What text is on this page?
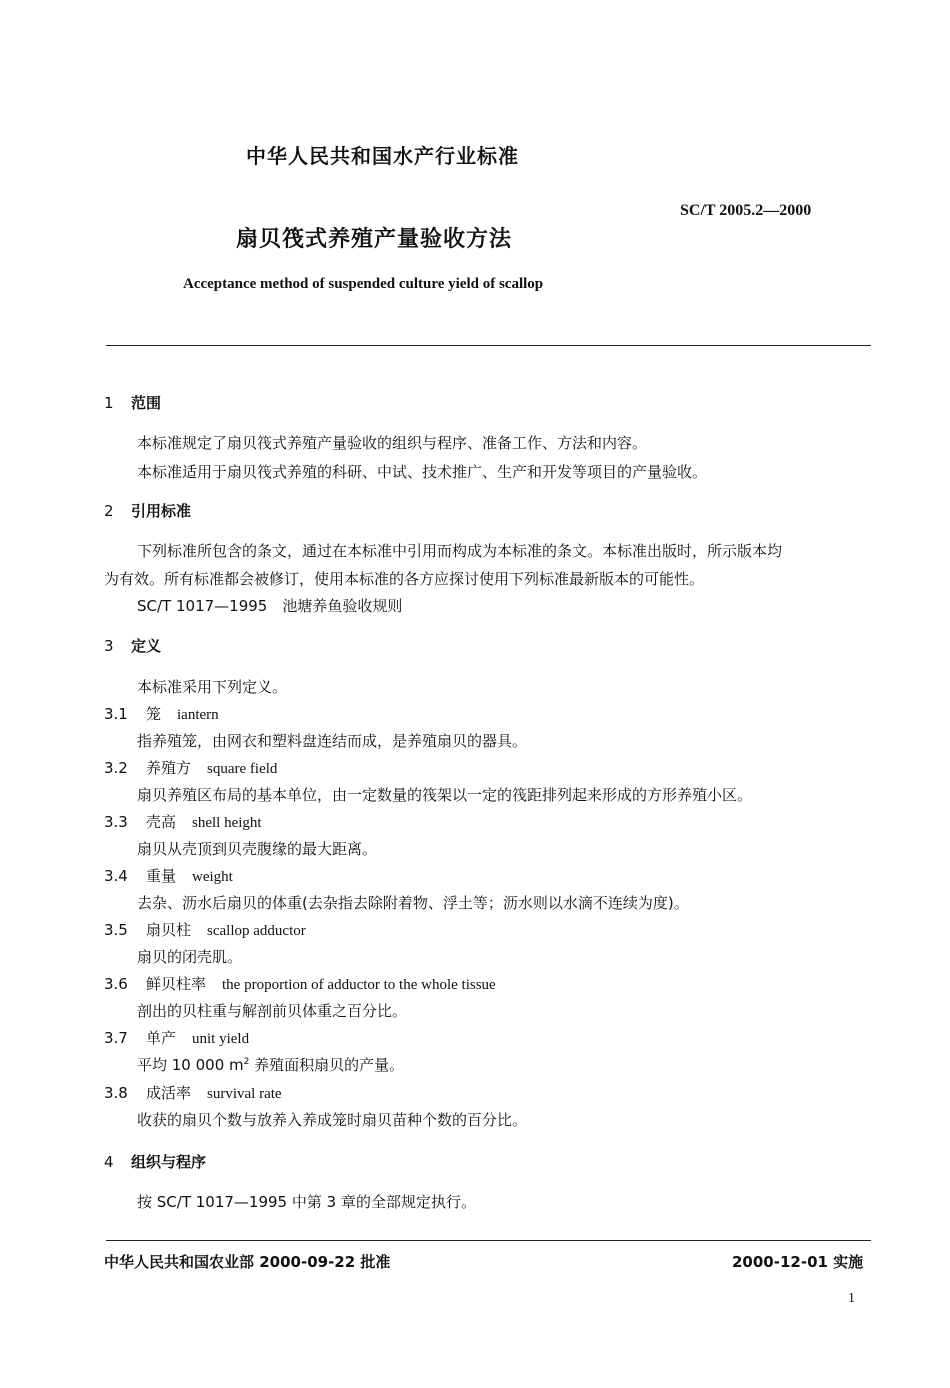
中华人民共和国水产行业标准
SC/T 2005.2—2000
扇贝筏式养殖产量验收方法
Acceptance method of suspended culture yield of scallop
1 范围
本标准规定了扇贝筏式养殖产量验收的组织与程序、准备工作、方法和内容。
本标准适用于扇贝筏式养殖的科研、中试、技术推广、生产和开发等项目的产量验收。
2 引用标准
下列标准所包含的条文，通过在本标准中引用而构成为本标准的条文。本标准出版时，所示版本均
为有效。所有标准都会被修订，使用本标准的各方应探讨使用下列标准最新版本的可能性。
SC/T 1017—1995　池塘养鱼验收规则
3 定义
本标准采用下列定义。
3.1 笼 iantern
指养殖笼，由网衣和塑料盘连结而成，是养殖扇贝的器具。
3.2 养殖方 square field
扇贝养殖区布局的基本单位，由一定数量的筏架以一定的筏距排列起来形成的方形养殖小区。
3.3 壳高 shell height
扇贝从壳顶到贝壳腹缘的最大距离。
3.4 重量 weight
去杂、沥水后扇贝的体重(去杂指去除附着物、浮土等；沥水则以水滴不连续为度)。
3.5 扇贝柱 scallop adductor
扇贝的闭壳肌。
3.6 鲜贝柱率 the proportion of adductor to the whole tissue
剖出的贝柱重与解剖前贝体重之百分比。
3.7 单产 unit yield
平均 10 000 $m^2$ 养殖面积扇贝的产量。
3.8 成活率 survival rate
收获的扇贝个数与放养入养成笼时扇贝苗种个数的百分比。
4 组织与程序
按 SC/T 1017—1995 中第 3 章的全部规定执行。
中华人民共和国农业部 2000-09-22 批准	2000-12-01 实施
1
